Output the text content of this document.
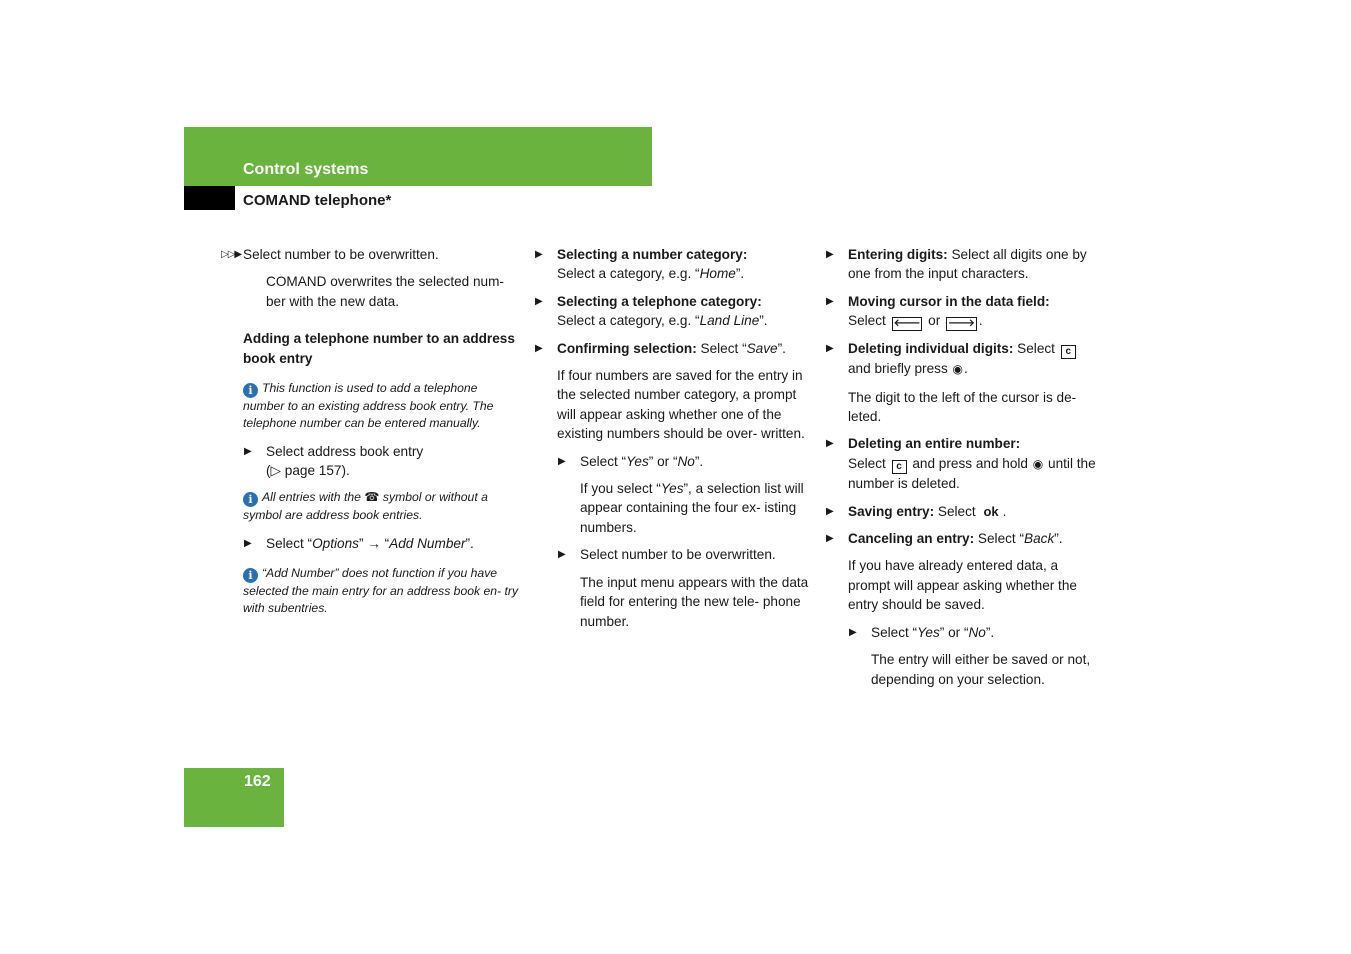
Control systems
COMAND telephone*
▷▷▶ Select number to be overwritten.

COMAND overwrites the selected num- ber with the new data.

Adding a telephone number to an address book entry

i This function is used to add a telephone number to an existing address book entry. The telephone number can be entered manually.

▶ Select address book entry

(▷ page 157).

i All entries with the ☎ symbol or without a symbol are address book entries.

▶ Select “Options” → “Add Number”.

i “Add Number” does not function if you have selected the main entry for an address book en- try with subentries.

▶ Selecting a number category:
Select a category, e.g. “Home”.

▶ Selecting a telephone category:
Select a category, e.g. “Land Line”.

▶ Confirming selection: Select “Save”.

If four numbers are saved for the entry in the selected number category, a prompt will appear asking whether one of the existing numbers should be over- written.

▶ Select “Yes” or “No”.

If you select “Yes”, a selection list will appear containing the four ex- isting numbers.

▶ Select number to be overwritten.

The input menu appears with the data field for entering the new tele- phone number.

▶ Entering digits: Select all digits one by one from the input characters.

▶ Moving cursor in the data field:
Select 🡐 or 🡒 .

▶ Deleting individual digits: Select c
and briefly press ◉.

The digit to the left of the cursor is de- leted.

▶ Deleting an entire number:
Select c and press and hold ◉ until the number is deleted.

▶ Saving entry: Select ok .

▶ Canceling an entry: Select “Back”.

If you have already entered data, a prompt will appear asking whether the entry should be saved.

▶ Select “Yes” or “No”.

The entry will either be saved or not, depending on your selection.

162
